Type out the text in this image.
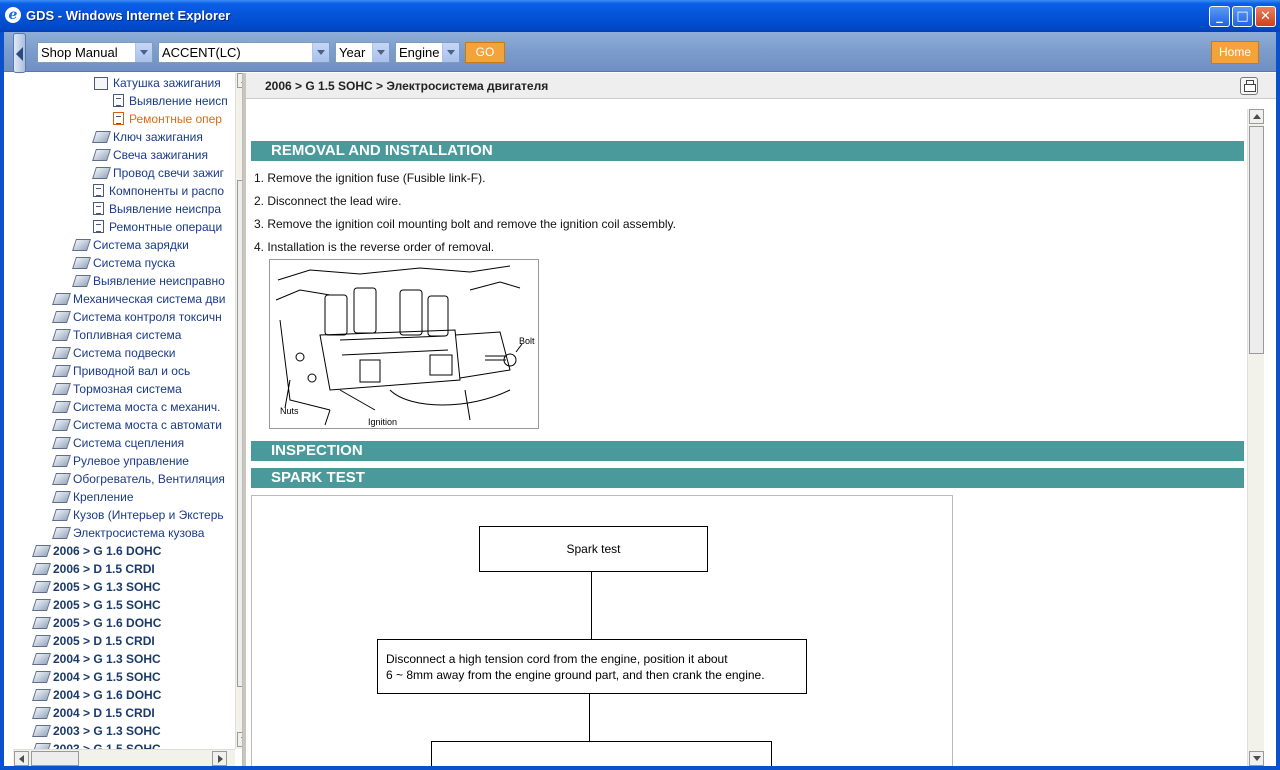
e GDS - Windows Internet Explorer	_	□ ✕
Shop Manual	ACCENT(LC)	Year	Engine	GO	Home
Катушка зажигания
Выявление неисп
Ремонтные опер
Ключ зажигания
Свеча зажигания
Провод свечи зажиг
Компоненты и распо
Выявление неиспра
Ремонтные операци
Система зарядки
Система пуска
Выявление неисправно
Механическая система дви
Система контроля токсичн
Топливная система
Система подвески
Приводной вал и ось
Тормозная система
Система моста с механич.
Система моста с автомати
Система сцепления
Рулевое управление
Обогреватель, Вентиляция
Крепление
Кузов (Интерьер и Экстерь
Электросистема кузова
2006 > G 1.6 DOHC
2006 > D 1.5 CRDI
2005 > G 1.3 SOHC
2005 > G 1.5 SOHC
2005 > G 1.6 DOHC
2005 > D 1.5 CRDI
2004 > G 1.3 SOHC
2004 > G 1.5 SOHC
2004 > G 1.6 DOHC
2004 > D 1.5 CRDI
2003 > G 1.3 SOHC
2006 > G 1.5 SOHC > Электросистема двигателя
REMOVAL AND INSTALLATION
1. Remove the ignition fuse (Fusible link-F).
2. Disconnect the lead wire.
3. Remove the ignition coil mounting bolt and remove the ignition coil assembly.
4. Installation is the reverse order of removal.
Bolt
Nuts
Ignition
INSPECTION
SPARK TEST
Spark test
Disconnect a high tension cord from the engine, position it about
6 ~ 8mm away from the engine ground part, and then crank the engine.
